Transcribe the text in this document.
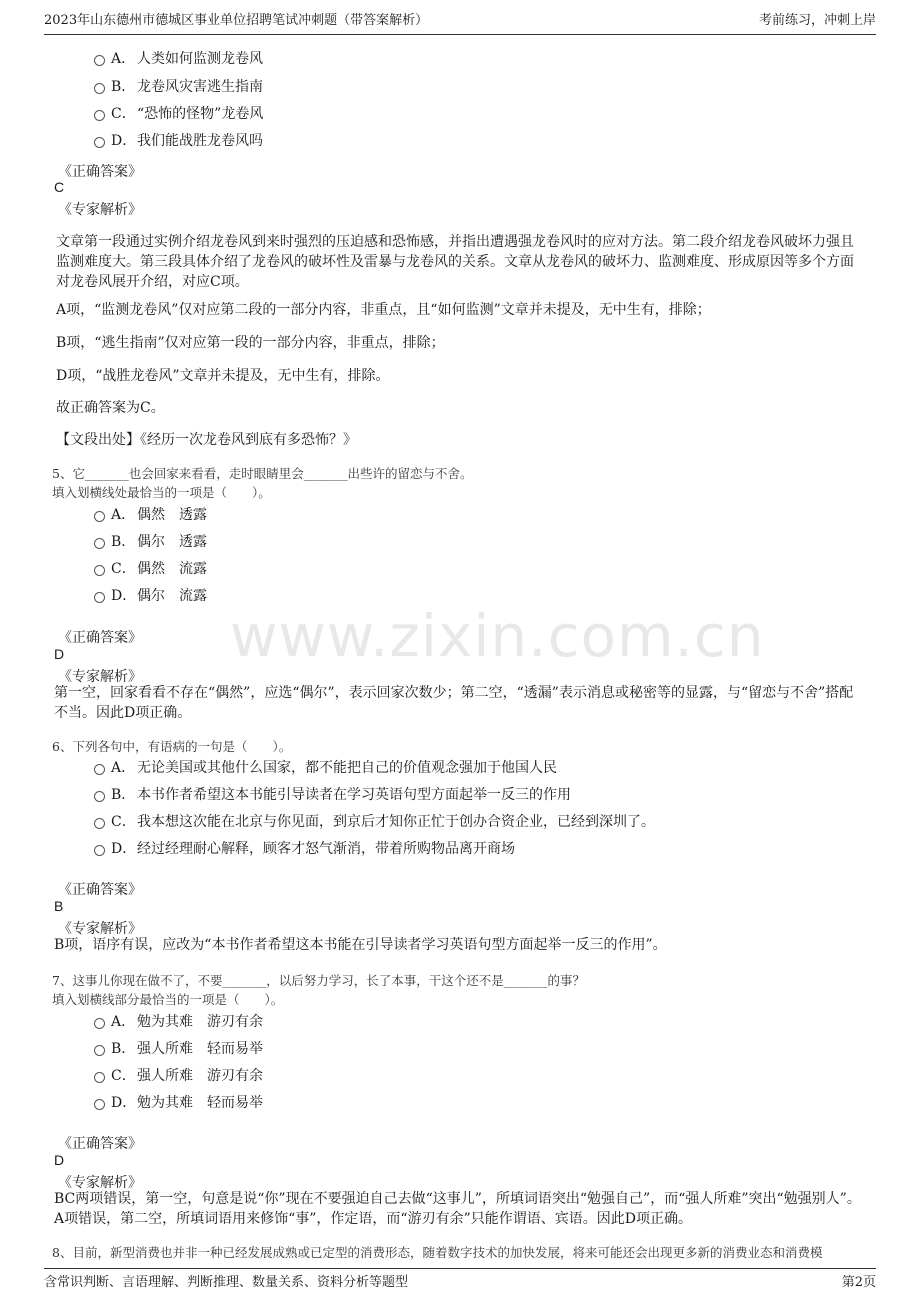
2023年山东德州市德城区事业单位招聘笔试冲刺题（带答案解析）	考前练习，冲刺上岸
www.zixin.com.cn
A． 人类如何监测龙卷风
B． 龙卷风灾害逃生指南
C．“恐怖的怪物”龙卷风
D．我们能战胜龙卷风吗
《正确答案》
C
《专家解析》
文章第一段通过实例介绍龙卷风到来时强烈的压迫感和恐怖感，并指出遭遇强龙卷风时的应对方法。第二段介绍龙卷风破坏力强且监测难度大。第三段具体介绍了龙卷风的破坏性及雷暴与龙卷风的关系。文章从龙卷风的破坏力、监测难度、形成原因等多个方面对龙卷风展开介绍，对应C项。
A项，“监测龙卷风”仅对应第二段的一部分内容，非重点，且“如何监测”文章并未提及，无中生有，排除；
B项，“逃生指南”仅对应第一段的一部分内容，非重点，排除；
D项，“战胜龙卷风”文章并未提及，无中生有，排除。
故正确答案为C。
【文段出处】《经历一次龙卷风到底有多恐怖？》
5、它_______也会回家来看看，走时眼睛里会_______出些许的留恋与不舍。
填入划横线处最恰当的一项是（　　）。
A． 偶然 透露
B． 偶尔 透露
C．偶然 流露
D．偶尔 流露
《正确答案》
D
《专家解析》
第一空，回家看看不存在“偶然”，应选“偶尔”，表示回家次数少；第二空，“透漏”表示消息或秘密等的显露，与“留恋与不舍”搭配不当。因此D项正确。
6、下列各句中，有语病的一句是（　　）。
A． 无论美国或其他什么国家，都不能把自己的价值观念强加于他国人民
B． 本书作者希望这本书能引导读者在学习英语句型方面起举一反三的作用
C．我本想这次能在北京与你见面，到京后才知你正忙于创办合资企业，已经到深圳了。
D．经过经理耐心解释，顾客才怒气渐消，带着所购物品离开商场
《正确答案》
B
《专家解析》
B项，语序有误，应改为“本书作者希望这本书能在引导读者学习英语句型方面起举一反三的作用”。
7、这事儿你现在做不了，不要_______，以后努力学习，长了本事，干这个还不是_______的事？
填入划横线部分最恰当的一项是（　　）。
A． 勉为其难 游刃有余
B． 强人所难 轻而易举
C．强人所难 游刃有余
D．勉为其难 轻而易举
《正确答案》
D
《专家解析》
BC两项错误，第一空，句意是说“你”现在不要强迫自己去做“这事儿”，所填词语突出“勉强自己”，而“强人所难”突出“勉强别人”。A项错误，第二空，所填词语用来修饰“事”，作定语，而“游刃有余”只能作谓语、宾语。因此D项正确。
8、目前，新型消费也并非一种已经发展成熟或已定型的消费形态，随着数字技术的加快发展，将来可能还会出现更多新的消费业态和消费模
含常识判断、言语理解、判断推理、数量关系、资料分析等题型	第2页
